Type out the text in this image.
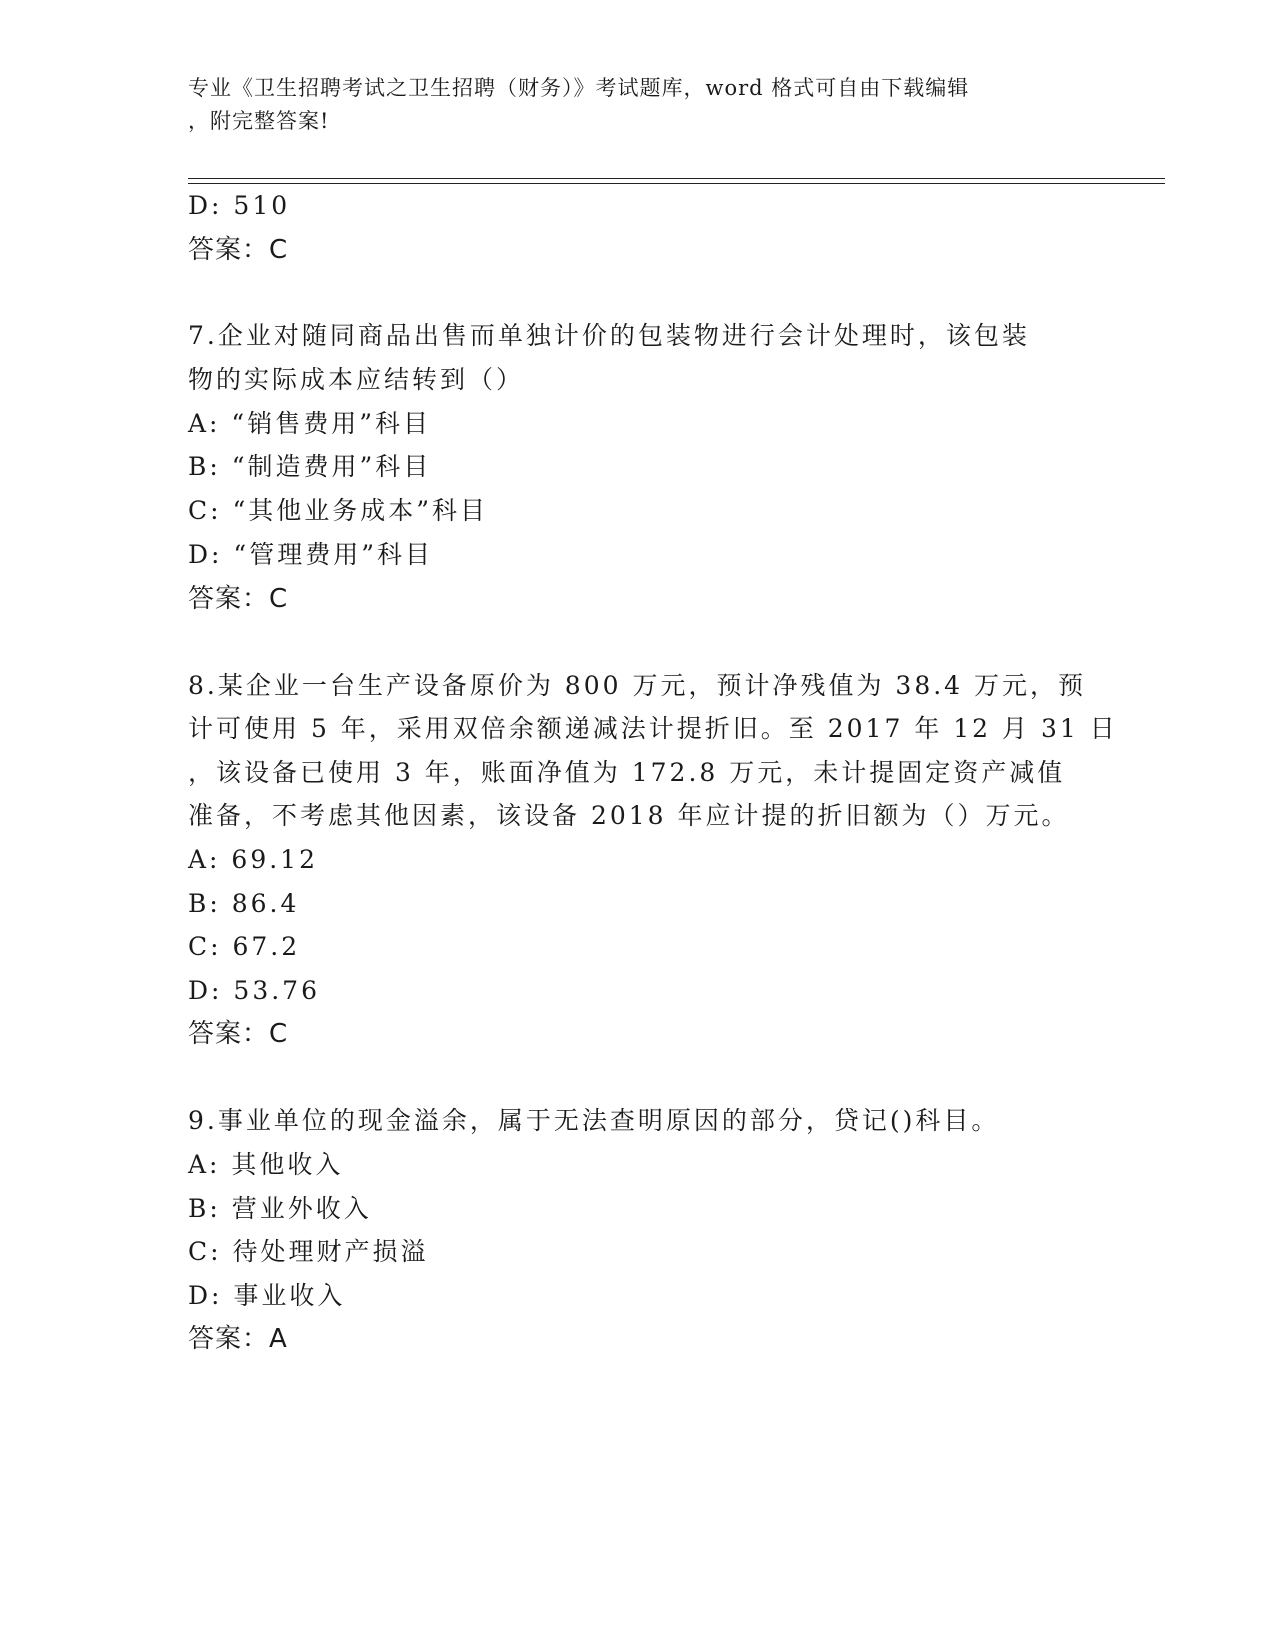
专业《卫生招聘考试之卫生招聘（财务）》考试题库，word 格式可自由下载编辑
，附完整答案!
D: 510
答案：C
7.企业对随同商品出售而单独计价的包装物进行会计处理时，该包装
物的实际成本应结转到（）
A: “销售费用”科目
B: “制造费用”科目
C: “其他业务成本”科目
D: “管理费用”科目
答案：C
8.某企业一台生产设备原价为 800 万元，预计净残值为 38.4 万元，预
计可使用 5 年，采用双倍余额递减法计提折旧。至 2017 年 12 月 31 日
，该设备已使用 3 年，账面净值为 172.8 万元，未计提固定资产减值
准备，不考虑其他因素，该设备 2018 年应计提的折旧额为（）万元。
A: 69.12
B: 86.4
C: 67.2
D: 53.76
答案：C
9.事业单位的现金溢余，属于无法查明原因的部分，贷记()科目。
A: 其他收入
B: 营业外收入
C: 待处理财产损溢
D: 事业收入
答案：A
